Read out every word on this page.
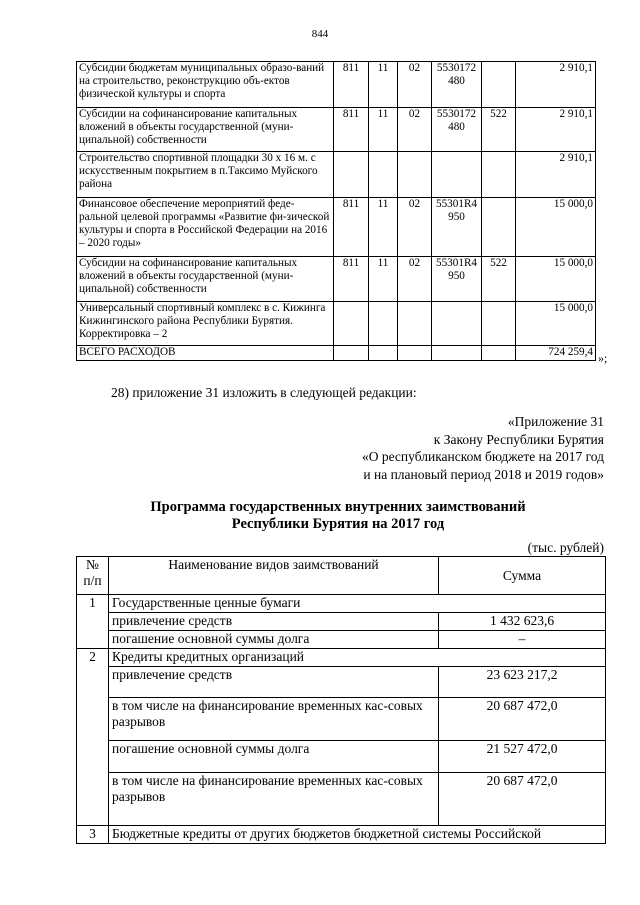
844
Субсидии бюджетам муниципальных образо-ваний на строительство, реконструкцию объ-ектов физической культуры и спорта	811	11	02	5530172 480		2 910,1
Субсидии на софинансирование капитальных вложений в объекты государственной (муни-ципальной) собственности	811	11	02	5530172 480	522	2 910,1
Строительство спортивной площадки 30 х 16 м. с искусственным покрытием в п.Таксимо Муйского района						2 910,1
Финансовое обеспечение мероприятий феде-ральной целевой программы «Развитие фи-зической культуры и спорта в Российской Федерации на 2016 – 2020 годы»	811	11	02	55301R4 950		15 000,0
Субсидии на софинансирование капитальных вложений в объекты государственной (муни-ципальной) собственности	811	11	02	55301R4 950	522	15 000,0
Универсальный спортивный комплекс в с. Кижинга Кижингинского района Республики Бурятия. Корректировка – 2						15 000,0
ВСЕГО РАСХОДОВ						724 259,4 »;
28) приложение 31 изложить в следующей редакции:
«Приложение 31
к Закону Республики Бурятия
«О республиканском бюджете на 2017 год
и на плановый период 2018 и 2019 годов»
Программа государственных внутренних заимствований
Республики Бурятия на 2017 год
(тыс. рублей)
№ п/п	Наименование видов заимствований	Сумма
1	Государственные ценные бумаги	
	привлечение средств	1 432 623,6
	погашение основной суммы долга	–
2	Кредиты кредитных организаций	
	привлечение средств	23 623 217,2
	в том числе на финансирование временных кас-совых разрывов	20 687 472,0
	погашение основной суммы долга	21 527 472,0
	в том числе на финансирование временных кас-совых разрывов	20 687 472,0
3	Бюджетные кредиты от других бюджетов бюджетной системы Российской	
